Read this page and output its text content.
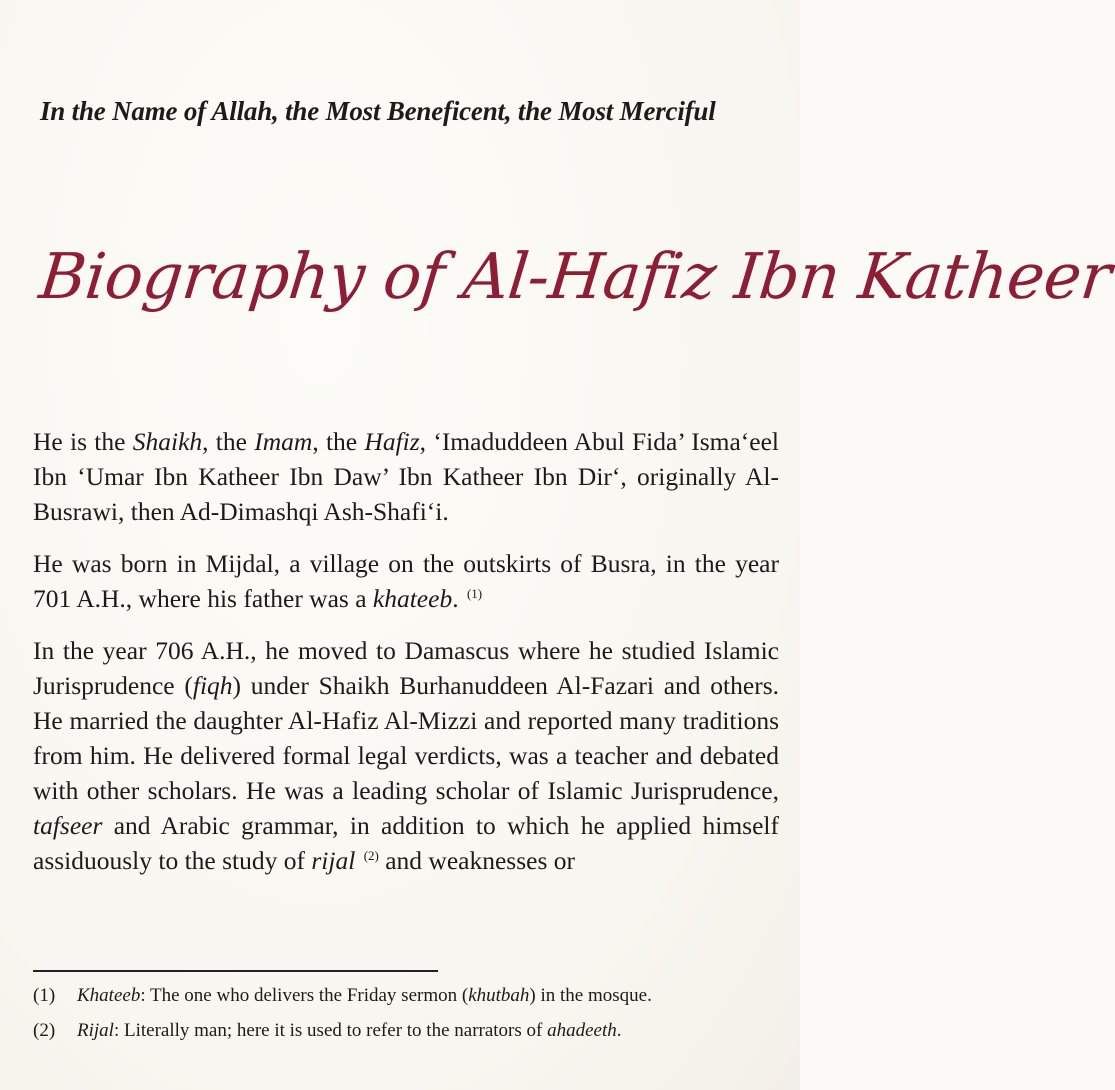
In the Name of Allah, the Most Beneficent, the Most Merciful
Biography of Al-Hafiz Ibn Katheer

He is the Shaikh, the Imam, the Hafiz, ‘Imaduddeen Abul Fida’ Isma‘eel Ibn ‘Umar Ibn Katheer Ibn Daw’ Ibn Katheer Ibn Dir‘, originally Al-Busrawi, then Ad-Dimashqi Ash-Shafi‘i.

He was born in Mijdal, a village on the outskirts of Busra, in the year 701 A.H., where his father was a khateeb. $^{(1)}$

In the year 706 A.H., he moved to Damascus where he studied Islamic Jurisprudence (fiqh) under Shaikh Burhanuddeen Al-Fazari and others. He married the daughter Al-Hafiz Al-Mizzi and reported many traditions from him. He delivered formal legal verdicts, was a teacher and debated with other scholars. He was a leading scholar of Islamic Jurisprudence, tafseer and Arabic grammar, in addition to which he applied himself assiduously to the study of rijal $^{(2)}$ and weaknesses or

(1)	Khateeb: The one who delivers the Friday sermon (khutbah) in the mosque.
(2)	Rijal: Literally man; here it is used to refer to the narrators of ahadeeth.
